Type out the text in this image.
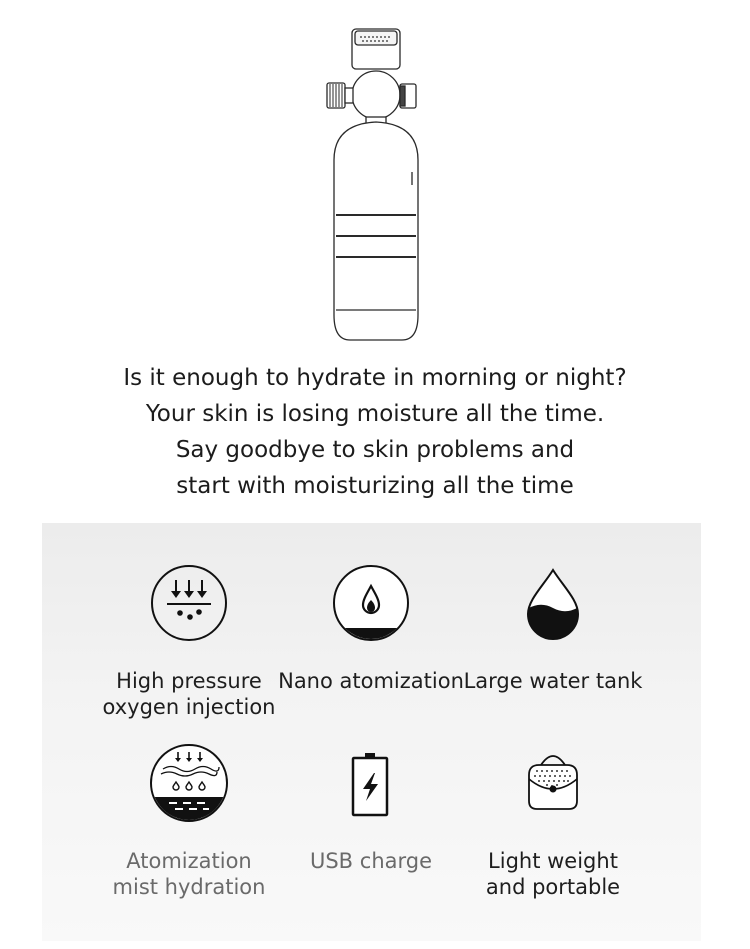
Is it enough to hydrate in morning or night?
Your skin is losing moisture all the time.
Say goodbye to skin problems and
start with moisturizing all the time
High pressure
oxygen injection
Nano atomization Large water tank
Atomization
mist hydration
USB charge	Light weight
and portable
